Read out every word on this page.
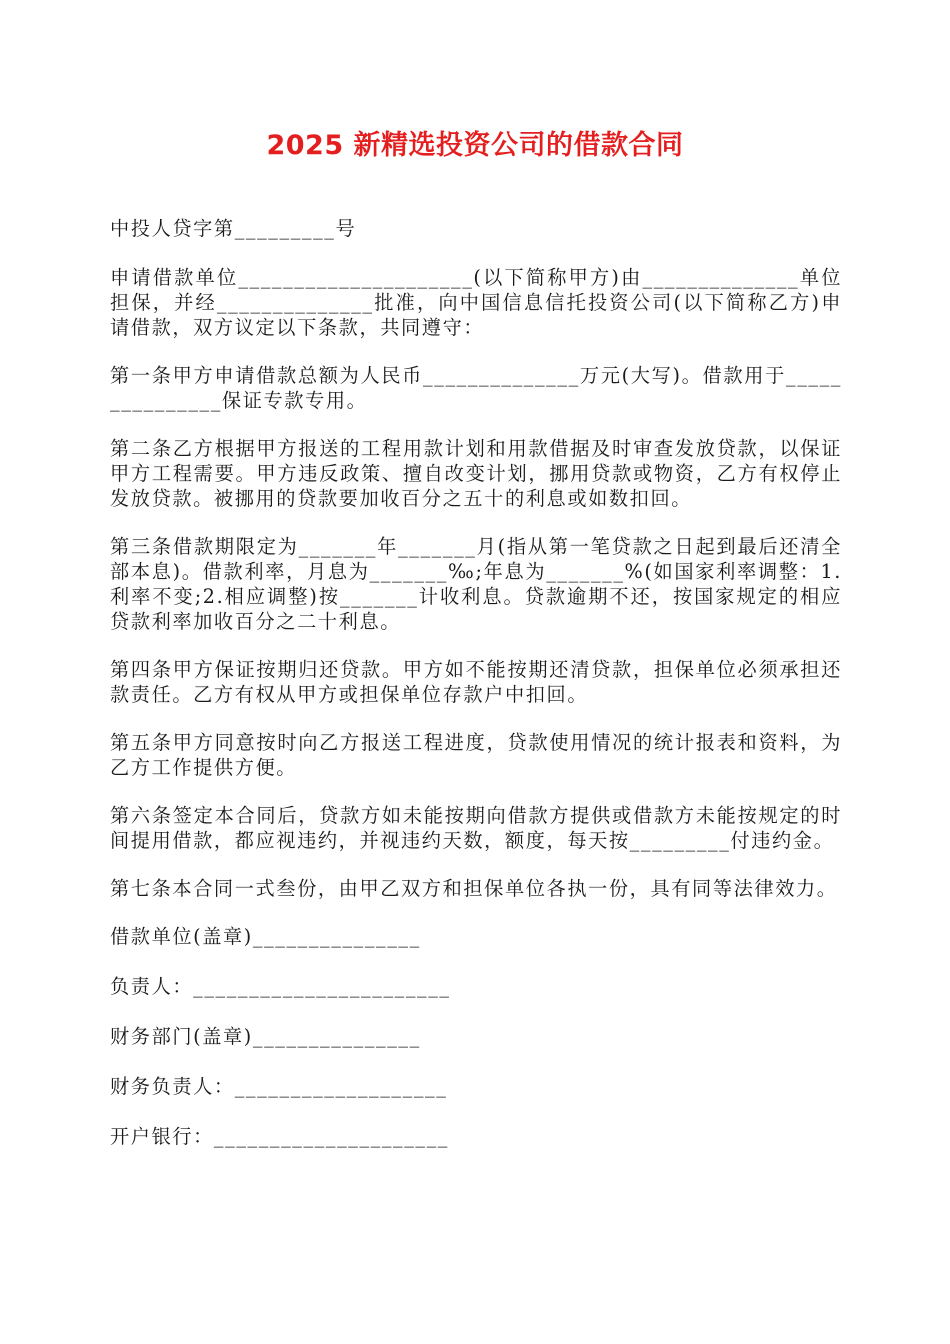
2025 新精选投资公司的借款合同

中投人贷字第_________号

申请借款单位_____________________(以下简称甲方)由______________单位担保，并经______________批准，向中国信息信托投资公司(以下简称乙方)申请借款，双方议定以下条款，共同遵守：

第一条甲方申请借款总额为人民币______________万元(大写)。借款用于_______________保证专款专用。

第二条乙方根据甲方报送的工程用款计划和用款借据及时审查发放贷款，以保证甲方工程需要。甲方违反政策、擅自改变计划，挪用贷款或物资，乙方有权停止发放贷款。被挪用的贷款要加收百分之五十的利息或如数扣回。

第三条借款期限定为_______年_______月(指从第一笔贷款之日起到最后还清全部本息)。借款利率，月息为_______‰;年息为_______%(如国家利率调整：1.利率不变;2.相应调整)按_______计收利息。贷款逾期不还，按国家规定的相应贷款利率加收百分之二十利息。

第四条甲方保证按期归还贷款。甲方如不能按期还清贷款，担保单位必须承担还款责任。乙方有权从甲方或担保单位存款户中扣回。

第五条甲方同意按时向乙方报送工程进度，贷款使用情况的统计报表和资料，为乙方工作提供方便。

第六条签定本合同后，贷款方如未能按期向借款方提供或借款方未能按规定的时间提用借款，都应视违约，并视违约天数，额度，每天按_________付违约金。

第七条本合同一式叁份，由甲乙双方和担保单位各执一份，具有同等法律效力。

借款单位(盖章)_______________

负责人：_______________________

财务部门(盖章)_______________

财务负责人：___________________

开户银行：_____________________
